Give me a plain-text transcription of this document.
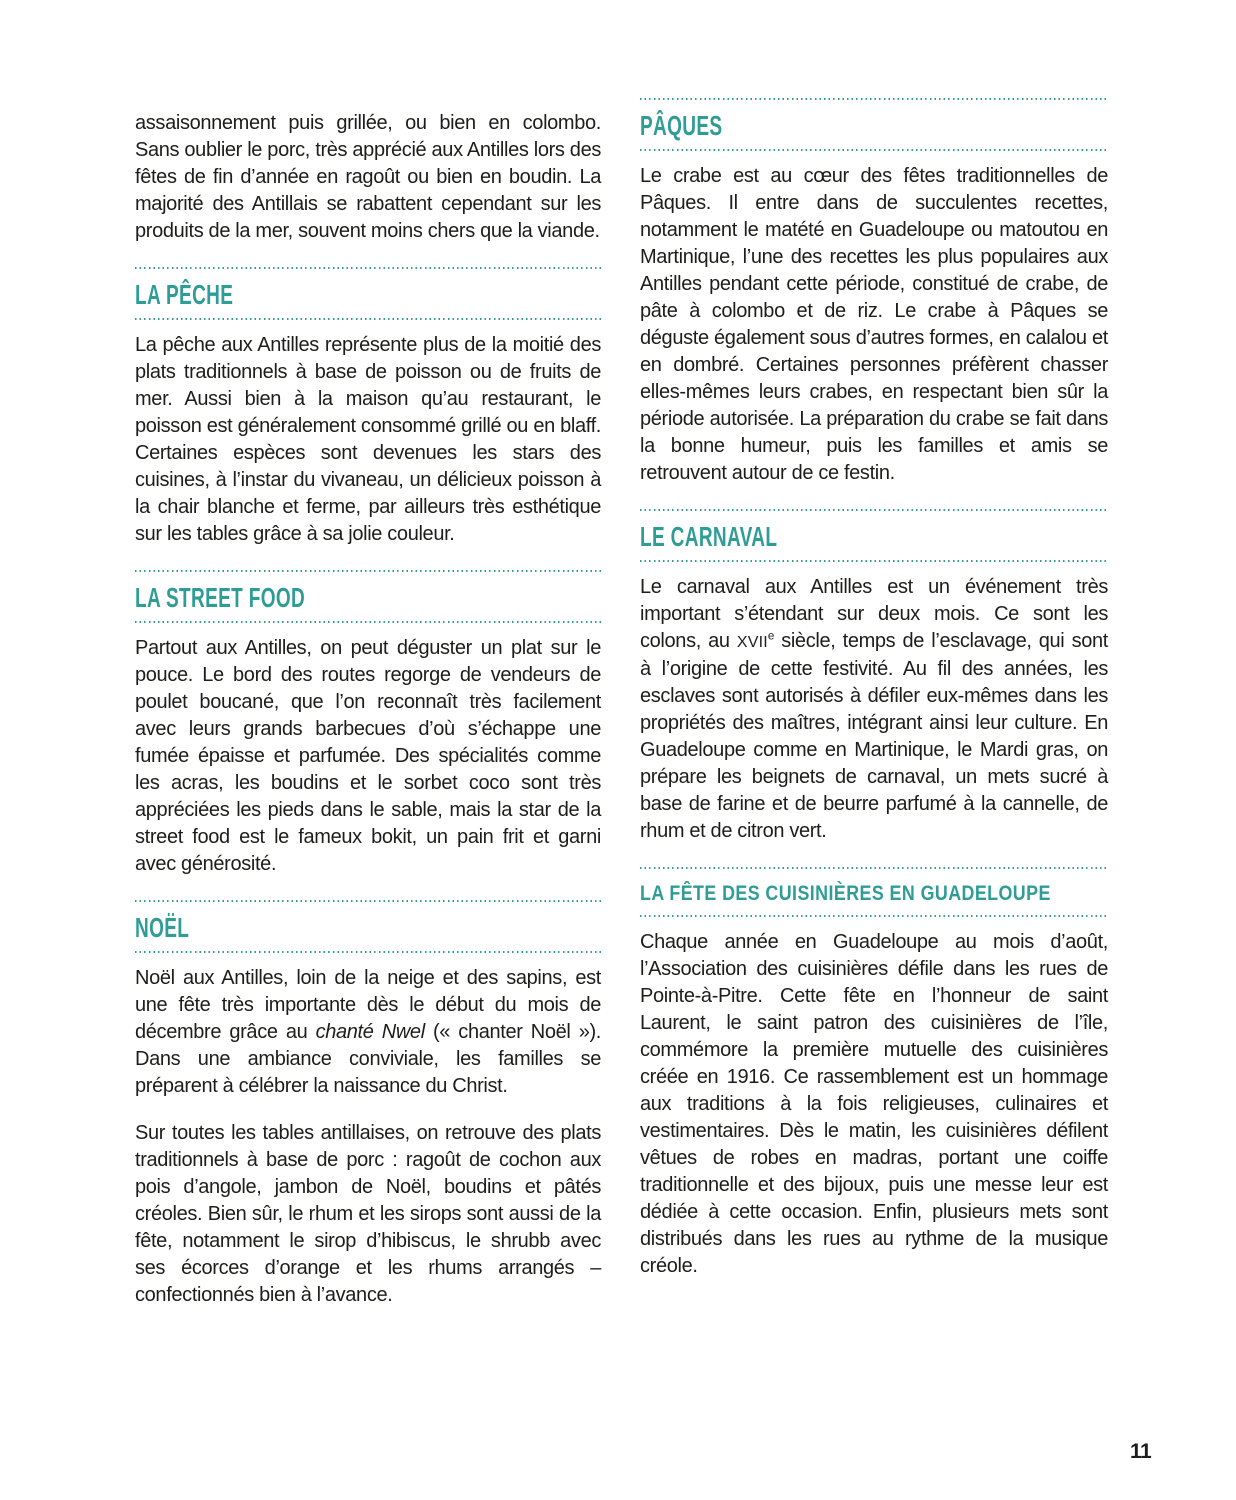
assaisonnement puis grillée, ou bien en colombo. Sans oublier le porc, très apprécié aux Antilles lors des fêtes de fin d’année en ragoût ou bien en boudin. La majorité des Antillais se rabattent cependant sur les produits de la mer, souvent moins chers que la viande.

LA PÊCHE

La pêche aux Antilles représente plus de la moitié des plats traditionnels à base de poisson ou de fruits de mer. Aussi bien à la maison qu’au restaurant, le poisson est généralement consommé grillé ou en blaff. Certaines espèces sont devenues les stars des cuisines, à l’instar du vivaneau, un délicieux poisson à la chair blanche et ferme, par ailleurs très esthétique sur les tables grâce à sa jolie couleur.

LA STREET FOOD

Partout aux Antilles, on peut déguster un plat sur le pouce. Le bord des routes regorge de vendeurs de poulet boucané, que l’on reconnaît très facilement avec leurs grands barbecues d’où s’échappe une fumée épaisse et parfumée. Des spécialités comme les acras, les boudins et le sorbet coco sont très appréciées les pieds dans le sable, mais la star de la street food est le fameux bokit, un pain frit et garni avec générosité.

NOËL

Noël aux Antilles, loin de la neige et des sapins, est une fête très importante dès le début du mois de décembre grâce au chanté Nwel (« chanter Noël »). Dans une ambiance conviviale, les familles se préparent à célébrer la naissance du Christ.

Sur toutes les tables antillaises, on retrouve des plats traditionnels à base de porc : ragoût de cochon aux pois d’angole, jambon de Noël, boudins et pâtés créoles. Bien sûr, le rhum et les sirops sont aussi de la fête, notamment le sirop d’hibiscus, le shrubb avec ses écorces d’orange et les rhums arrangés – confectionnés bien à l’avance.

PÂQUES

Le crabe est au cœur des fêtes traditionnelles de Pâques. Il entre dans de succulentes recettes, notamment le matété en Guadeloupe ou matoutou en Martinique, l’une des recettes les plus populaires aux Antilles pendant cette période, constitué de crabe, de pâte à colombo et de riz. Le crabe à Pâques se déguste également sous d’autres formes, en calalou et en dombré. Certaines personnes préfèrent chasser elles-mêmes leurs crabes, en respectant bien sûr la période autorisée. La préparation du crabe se fait dans la bonne humeur, puis les familles et amis se retrouvent autour de ce festin.

LE CARNAVAL

Le carnaval aux Antilles est un événement très important s’étendant sur deux mois. Ce sont les colons, au XVIIe siècle, temps de l’esclavage, qui sont à l’origine de cette festivité. Au fil des années, les esclaves sont autorisés à défiler eux-mêmes dans les propriétés des maîtres, intégrant ainsi leur culture. En Guadeloupe comme en Martinique, le Mardi gras, on prépare les beignets de carnaval, un mets sucré à base de farine et de beurre parfumé à la cannelle, de rhum et de citron vert.

LA FÊTE DES CUISINIÈRES EN GUADELOUPE

Chaque année en Guadeloupe au mois d’août, l’Association des cuisinières défile dans les rues de Pointe-à-Pitre. Cette fête en l’honneur de saint Laurent, le saint patron des cuisinières de l’île, commémore la première mutuelle des cuisinières créée en 1916. Ce rassemblement est un hommage aux traditions à la fois religieuses, culinaires et vestimentaires. Dès le matin, les cuisinières défilent vêtues de robes en madras, portant une coiffe traditionnelle et des bijoux, puis une messe leur est dédiée à cette occasion. Enfin, plusieurs mets sont distribués dans les rues au rythme de la musique créole.

11
